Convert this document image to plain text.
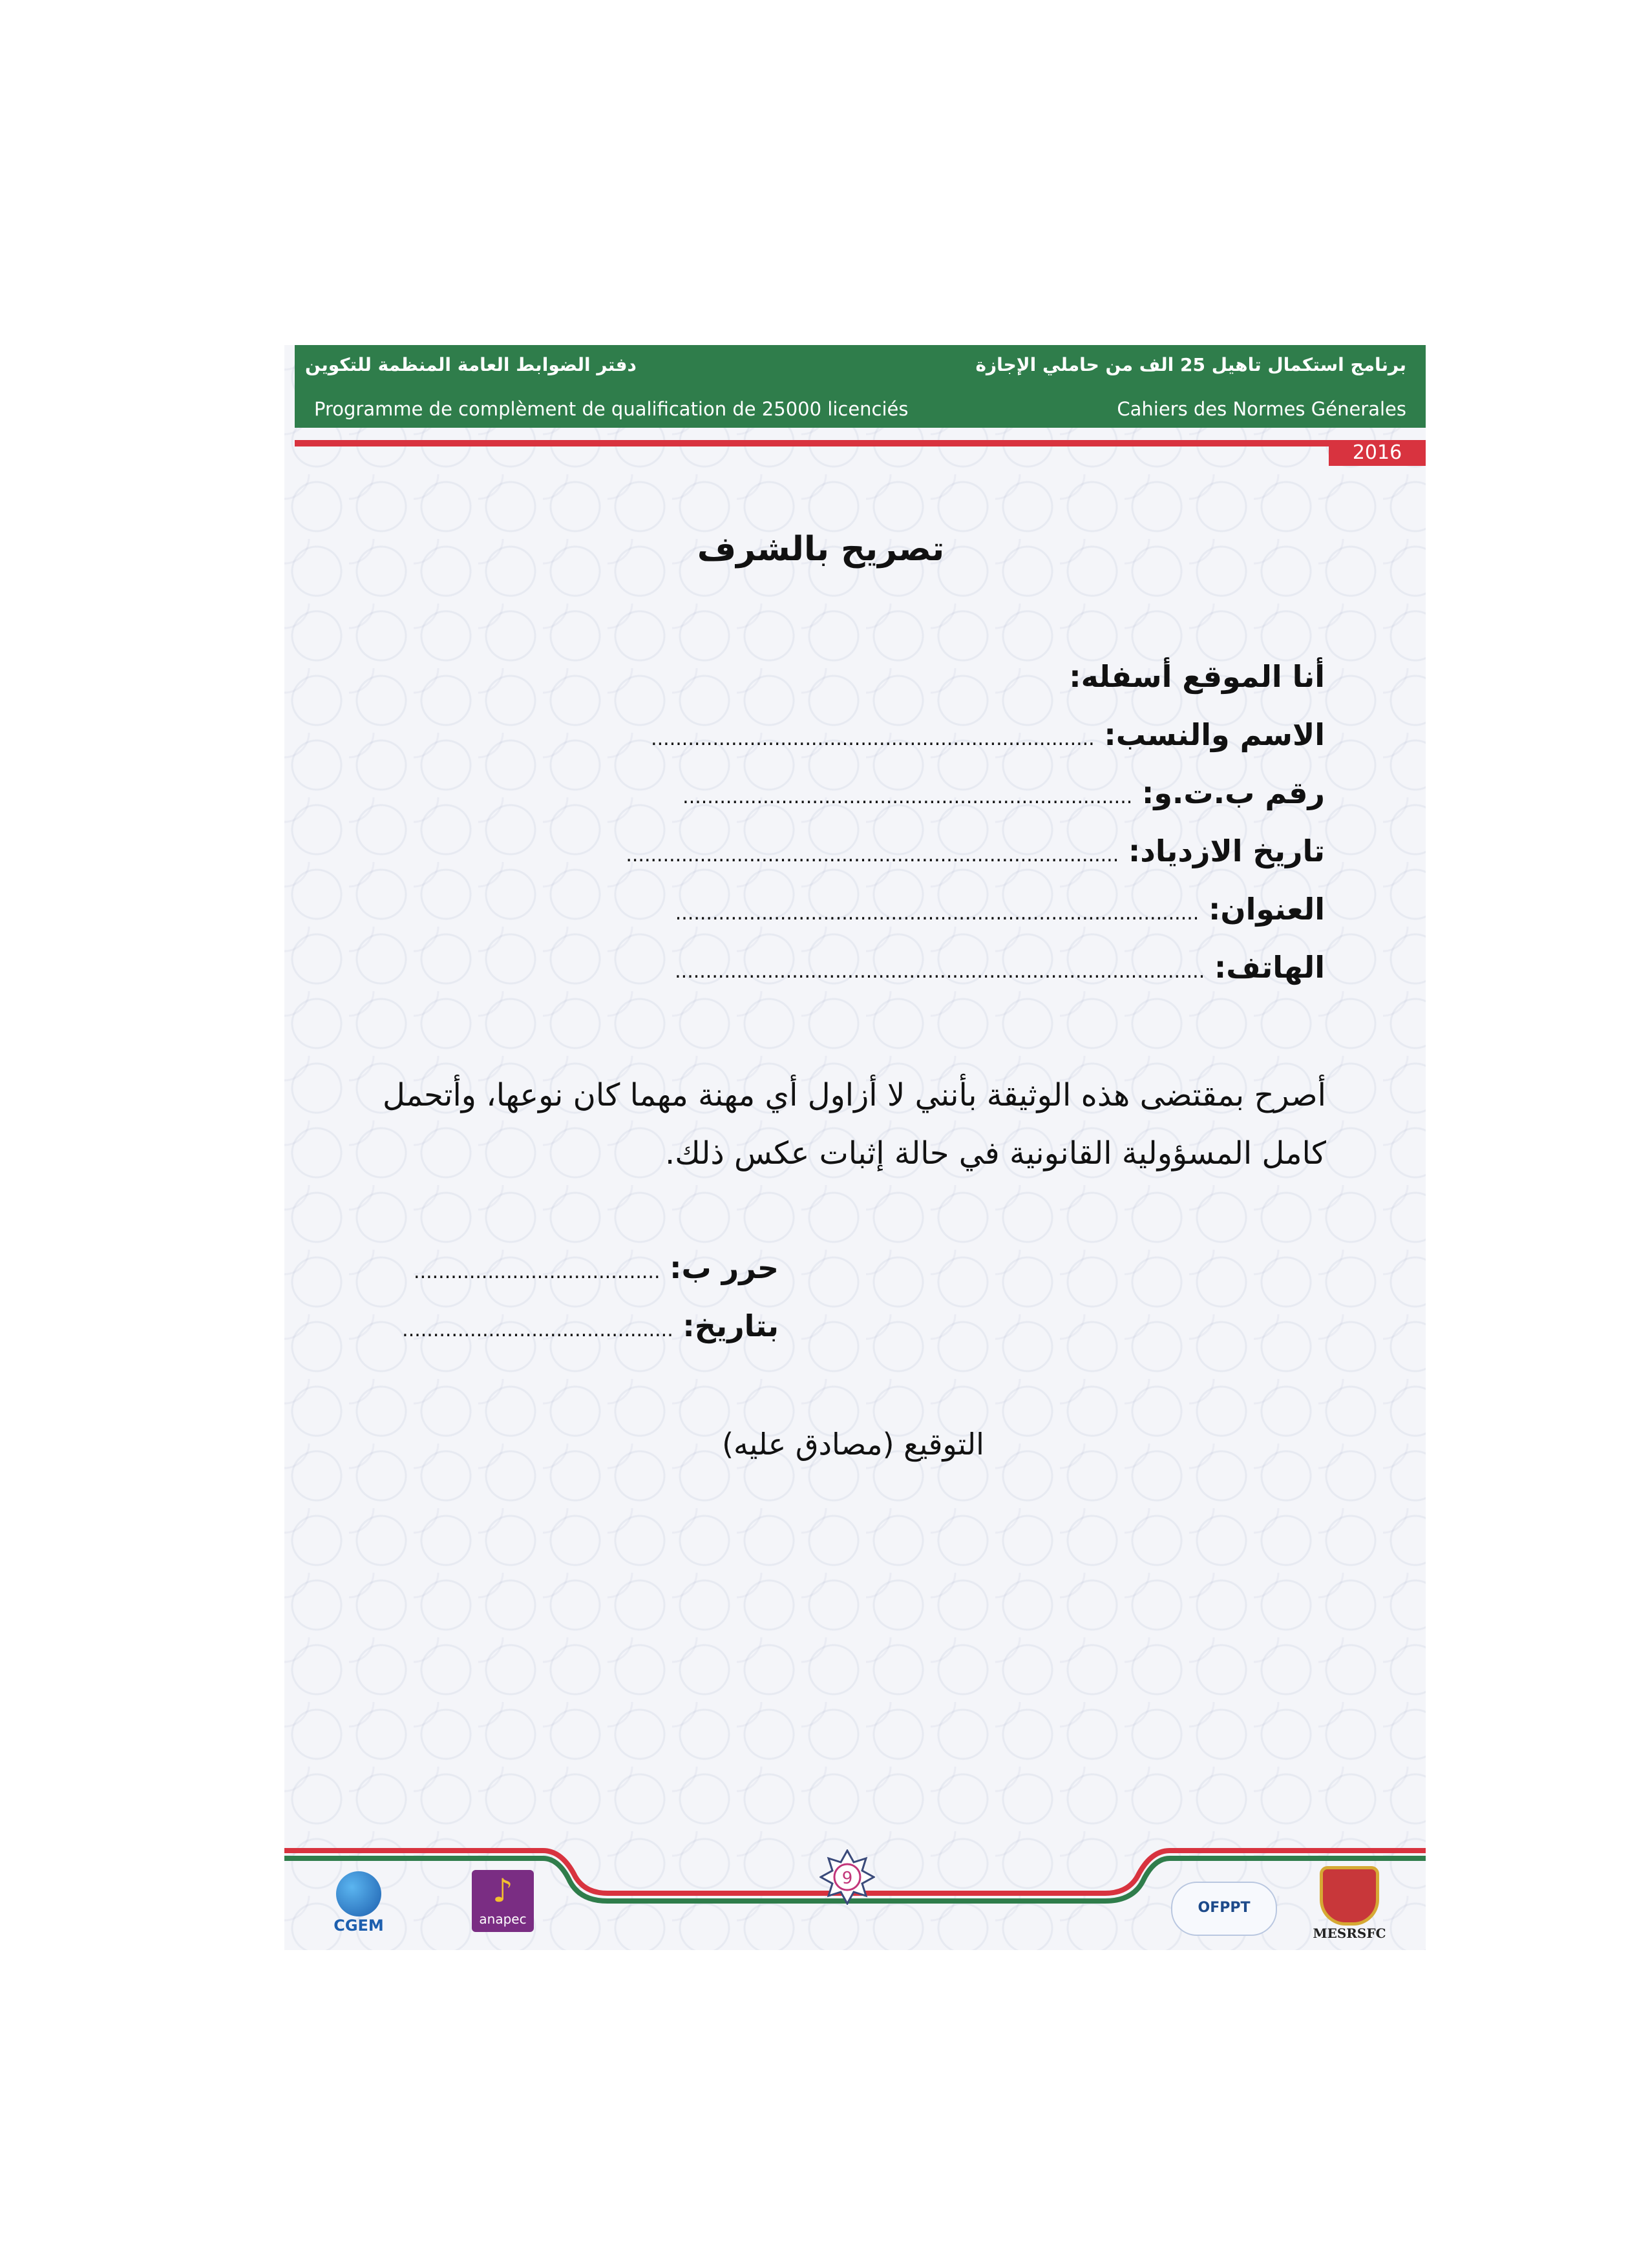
برنامج استكمال تاهيل 25 الف من حاملي الإجازة
دفتر الضوابط العامة المنظمة للتكوين
Programme de complèment de qualification de 25000 licenciés	Cahiers des Normes Génerales
2016
تصريح بالشرف
أنا الموقع أسفله:
الاسم والنسب: ........................................................................
رقم ب.ت.و: .........................................................................
تاريخ الازدياد: ................................................................................
العنوان: .....................................................................................
الهاتف: ......................................................................................
أصرح بمقتضى هذه الوثيقة بأنني لا أزاول أي مهنة مهما كان نوعها، وأتحمل كامل المسؤولية القانونية في حالة إثبات عكس ذلك.
حرر ب: ........................................
بتاريخ: ............................................
التوقيع (مصادق عليه)
CGEM
♪
anapec
9
OFPPT
MESRSFC
